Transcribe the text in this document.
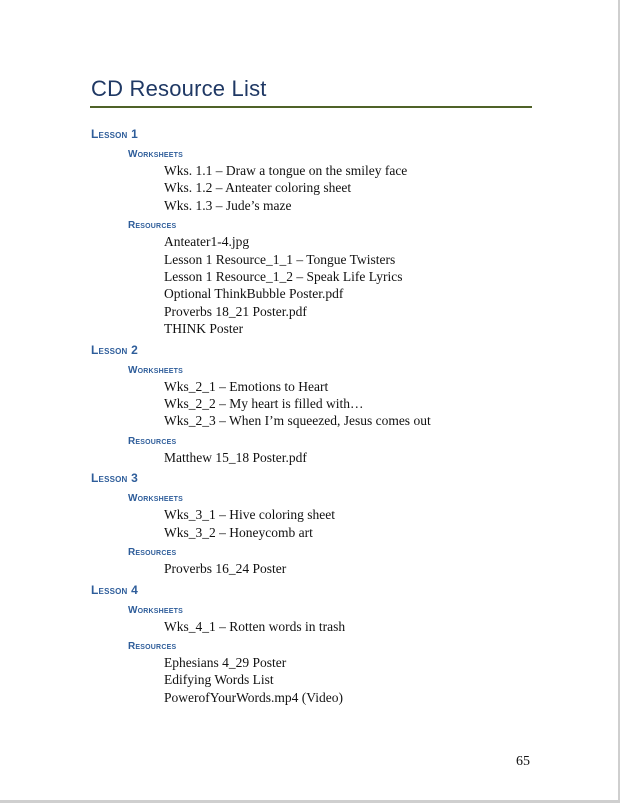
CD Resource List
Lesson 1
Worksheets
Wks. 1.1 – Draw a tongue on the smiley face
Wks. 1.2 – Anteater coloring sheet
Wks. 1.3 – Jude’s maze
Resources
Anteater1-4.jpg
Lesson 1 Resource_1_1 – Tongue Twisters
Lesson 1 Resource_1_2 – Speak Life Lyrics
Optional ThinkBubble Poster.pdf
Proverbs 18_21 Poster.pdf
THINK Poster
Lesson 2
Worksheets
Wks_2_1 – Emotions to Heart
Wks_2_2 – My heart is filled with…
Wks_2_3 – When I’m squeezed, Jesus comes out
Resources
Matthew 15_18 Poster.pdf
Lesson 3
Worksheets
Wks_3_1 – Hive coloring sheet
Wks_3_2 – Honeycomb art
Resources
Proverbs 16_24 Poster
Lesson 4
Worksheets
Wks_4_1 – Rotten words in trash
Resources
Ephesians 4_29 Poster
Edifying Words List
PowerofYourWords.mp4 (Video)
65
